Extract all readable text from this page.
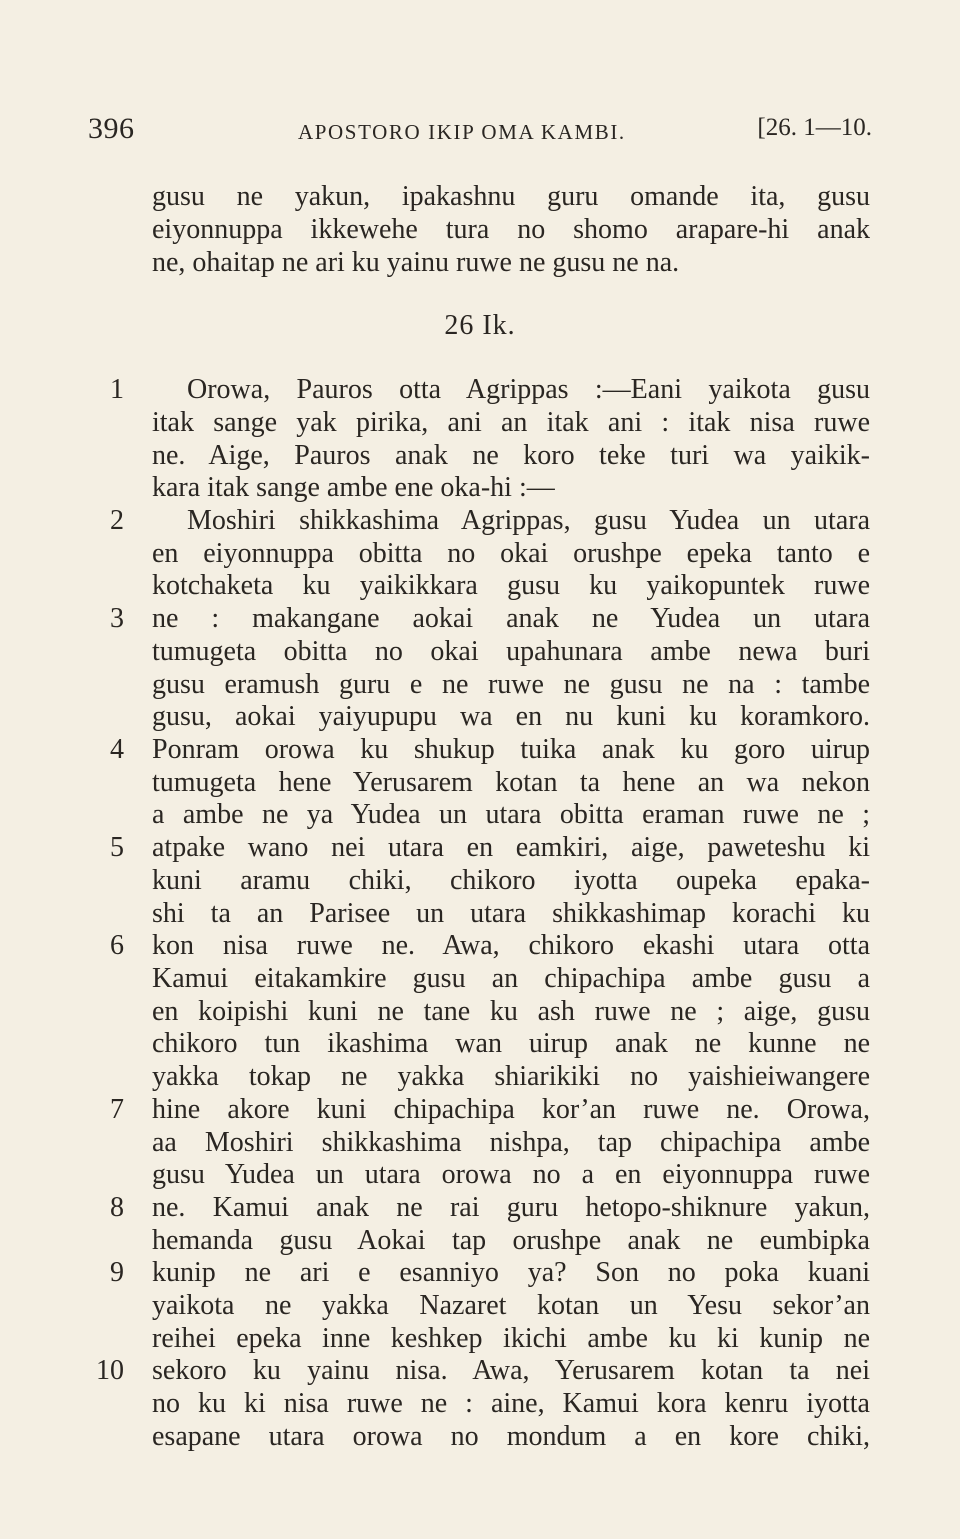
396	APOSTORO IKIP OMA KAMBI.	[26. 1—10.
gusu ne yakun, ipakashnu guru omande ita, gusu
eiyonnuppa ikkewehe tura no shomo arapare-hi anak
ne, ohaitap ne ari ku yainu ruwe ne gusu ne na.
26 Ik.
1
2
3
4
5
6
7
8
9
10
Orowa, Pauros otta Agrippas :—Eani yaikota gusu
itak sange yak pirika, ani an itak ani : itak nisa ruwe
ne. Aige, Pauros anak ne koro teke turi wa yaikik-
kara itak sange ambe ene oka-hi :—
Moshiri shikkashima Agrippas, gusu Yudea un utara
en eiyonnuppa obitta no okai orushpe epeka tanto e
kotchaketa ku yaikikkara gusu ku yaikopuntek ruwe
ne : makangane aokai anak ne Yudea un utara
tumugeta obitta no okai upahunara ambe newa buri
gusu eramush guru e ne ruwe ne gusu ne na : tambe
gusu, aokai yaiyupupu wa en nu kuni ku koramkoro.
Ponram orowa ku shukup tuika anak ku goro uirup
tumugeta hene Yerusarem kotan ta hene an wa nekon
a ambe ne ya Yudea un utara obitta eraman ruwe ne ;
atpake wano nei utara en eamkiri, aige, paweteshu ki
kuni aramu chiki, chikoro iyotta oupeka epaka-
shi ta an Parisee un utara shikkashimap korachi ku
kon nisa ruwe ne. Awa, chikoro ekashi utara otta
Kamui eitakamkire gusu an chipachipa ambe gusu a
en koipishi kuni ne tane ku ash ruwe ne ; aige, gusu
chikoro tun ikashima wan uirup anak ne kunne ne
yakka tokap ne yakka shiarikiki no yaishieiwangere
hine akore kuni chipachipa kor’an ruwe ne. Orowa,
aa Moshiri shikkashima nishpa, tap chipachipa ambe
gusu Yudea un utara orowa no a en eiyonnuppa ruwe
ne. Kamui anak ne rai guru hetopo-shiknure yakun,
hemanda gusu Aokai tap orushpe anak ne eumbipka
kunip ne ari e esanniyo ya? Son no poka kuani
yaikota ne yakka Nazaret kotan un Yesu sekor’an
reihei epeka inne keshkep ikichi ambe ku ki kunip ne
sekoro ku yainu nisa. Awa, Yerusarem kotan ta nei
no ku ki nisa ruwe ne : aine, Kamui kora kenru iyotta
esapane utara orowa no mondum a en kore chiki,
